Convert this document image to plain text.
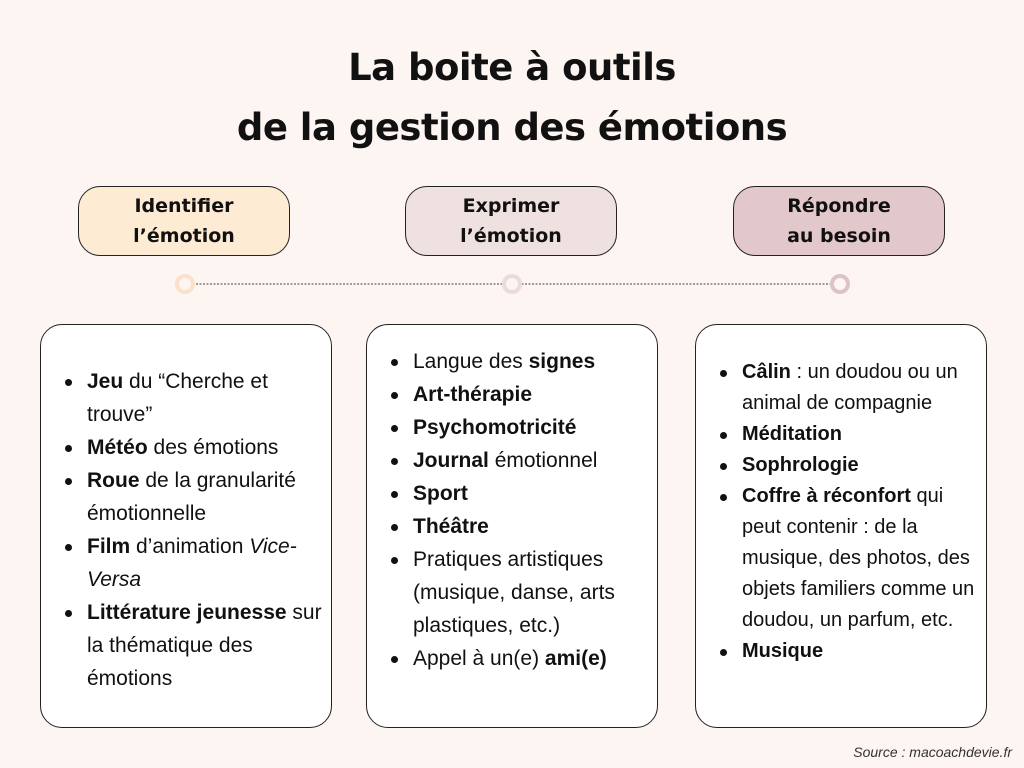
La boite à outils
de la gestion des émotions
Identifier
l’émotion
Exprimer
l’émotion
Répondre
au besoin
Jeu du “Cherche et trouve”
Météo des émotions
Roue de la granularité émotionnelle
Film d’animation Vice-Versa
Littérature jeunesse sur la thématique des émotions
Langue des signes
Art-thérapie
Psychomotricité
Journal émotionnel
Sport
Théâtre
Pratiques artistiques (musique, danse, arts plastiques, etc.)
Appel à un(e) ami(e)
Câlin : un doudou ou un animal de compagnie
Méditation
Sophrologie
Coffre à réconfort qui peut contenir : de la musique, des photos, des objets familiers comme un doudou, un parfum, etc.
Musique
Source : macoachdevie.fr
